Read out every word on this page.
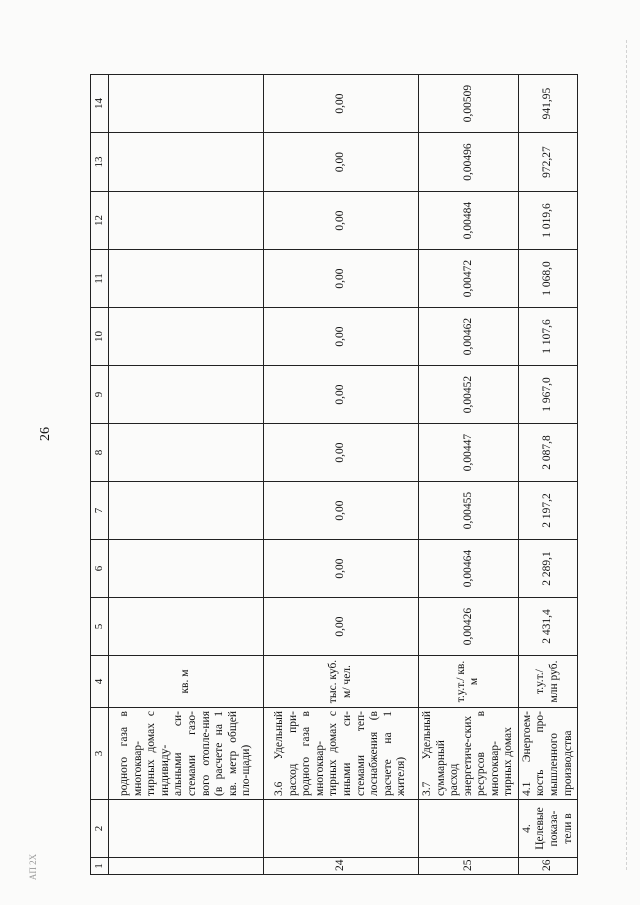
26
АП 2Х	1	2	3	4	5	6	7	8	9	10	11	12	13	14
		родного газа в многоквар-тирных домах с индивиду-альными си-стемами газо-вого отопле-ния (в расчете на 1 кв. метр общей пло-щади)	кв. м										
24		3.6 Удельный расход при-родного газа в многоквар-тирных домах с иными си-стемами теп-лоснабжения (в расчете на 1 жителя)	тыс. куб. м/ чел.	0,00	0,00	0,00	0,00	0,00	0,00	0,00	0,00	0,00	0,00
25		3.7 Удельный суммарный расход энергетиче-ских ресурсов в многоквар-тирных домах	т.у.т./ кв. м	0,00426	0,00464	0,00455	0,00447	0,00452	0,00462	0,00472	0,00484	0,00496	0,00509
26	4. Целевые показа-тели в	4.1 Энергоем-кость про-мышленного производства	т.у.т./ млн руб.	2 431,4	2 289,1	2 197,2	2 087,8	1 967,0	1 107,6	1 068,0	1 019,6	972,27	941,95
